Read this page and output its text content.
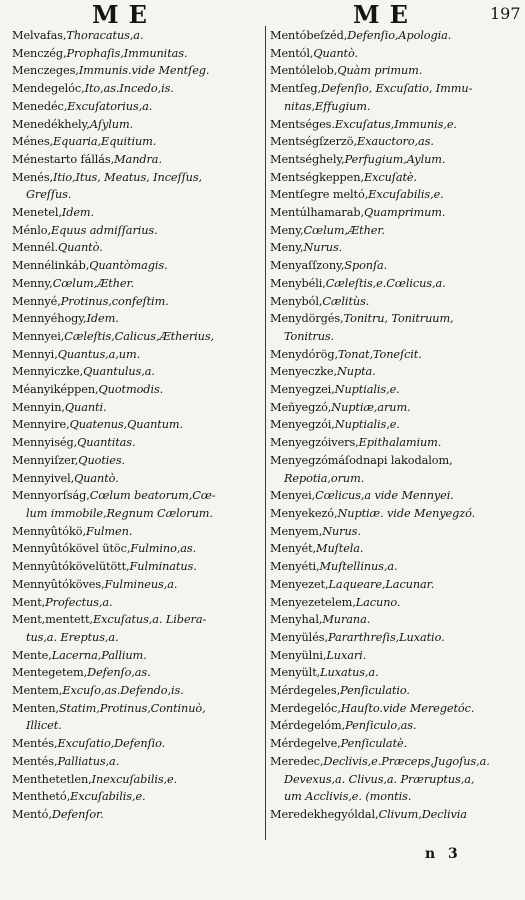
ME	ME	197
Melvafas,Thoracatus,a.
Menczég,Prophaſis,Immunitas.
Menczeges,Immunis.vide Mentſeg.
Mendegelóc,Ito,as.Incedo,is.
Menedéc,Excuſatorius,a.
Menedékhely,Aſylum.
Ménes,Equaria,Equitium.
Ménestarto fállás,Mandra.
Menés,Itio,Itus, Meatus, Inceſſus,
Greſſus.
Menetel,Idem.
Ménlo,Equus admiſſarius.
Mennél.Quantò.
Mennélinkáb,Quantòmagis.
Menny,Cœlum,Æther.
Mennyé,Protinus,confeſtim.
Mennyéhogy,Idem.
Mennyei,Cæleſtis,Calicus,Ætherius,
Mennyi,Quantus,a,um.
Mennyiczke,Quantulus,a.
Méanyiképpen,Quotmodis.
Mennyin,Quanti.
Mennyire,Quatenus,Quantum.
Mennyiség,Quantitas.
Mennyiſzer,Quoties.
Mennyivel,Quantò.
Mennyorſság,Cœlum beatorum,Cœ-
lum immobile,Regnum Cælorum.
Mennyûtókö,Fulmen.
Mennyûtókövel ütöc,Fulmino,as.
Mennyûtókövelütött,Fulminatus.
Mennyûtóköves,Fulmineus,a.
Ment,Profectus,a.
Ment,mentett,Excuſatus,a. Libera-
tus,a. Ereptus,a.
Mente,Lacerna,Pallium.
Mentegetem,Defenſo,as.
Mentem,Excuſo,as.Defendo,is.
Menten,Statim,Protinus,Continuò,
Illicet.
Mentés,Excuſatio,Defenſio.
Mentés,Palliatus,a.
Menthetetlen,Inexcuſabilis,e.
Menthetó,Excuſabilis,e.
Mentó,Defenſor.
Mentóbeſzéd,Defenſio,Apologia.
Mentól,Quantò.
Mentólelob,Quàm primum.
Mentſeg,Defenſio, Excuſatio, Immu-
nitas,Effugium.
Mentséges.Excuſatus,Immunis,e.
Mentségſzerzö,Exauctoro,as.
Mentséghely,Perfugium,Aylum.
Mentségkeppen,Excuſatè.
Mentſegre meltó,Excuſabilis,e.
Mentúlhamarab,Quamprimum.
Meny,Cœlum,Æther.
Meny,Nurus.
Menyaſſzony,Sponſa.
Menybéli,Cæleſtis,e.Cœlicus,a.
Menyból,Cælitùs.
Menydörgés,Tonitru, Tonitruum,
Tonitrus.
Menydórög,Tonat,Toneſcit.
Menyeczke,Nupta.
Menyegzei,Nuptialis,e.
Meñyegzó,Nuptiæ,arum.
Menyegzói,Nuptialis,e.
Menyegzóivers,Epithalamium.
Menyegzómáſodnapi lakodalom,
Repotia,orum.
Menyei,Cœlicus,a vide Mennyei.
Menyekezó,Nuptiæ. vide Menyegzó.
Menyem,Nurus.
Menyét,Muſtela.
Menyéti,Muſtellinus,a.
Menyezet,Laqueare,Lacunar.
Menyezetelem,Lacuno.
Menyhal,Murana.
Menyülés,Pararthreſis,Luxatio.
Menyülni,Luxari.
Menyült,Luxatus,a.
Mérdegeles,Penſiculatio.
Merdegelóc,Hauſto.vide Meregetóc.
Mérdegelóm,Penſiculo,as.
Mérdegelve,Penſiculatè.
Meredec,Declivis,e.Præceps,Jugoſus,a.
Devexus,a. Clivus,a. Præruptus,a,
um Acclivis,e. (montis.
Meredekhegyóldal,Clivum,Declivia
n 3
